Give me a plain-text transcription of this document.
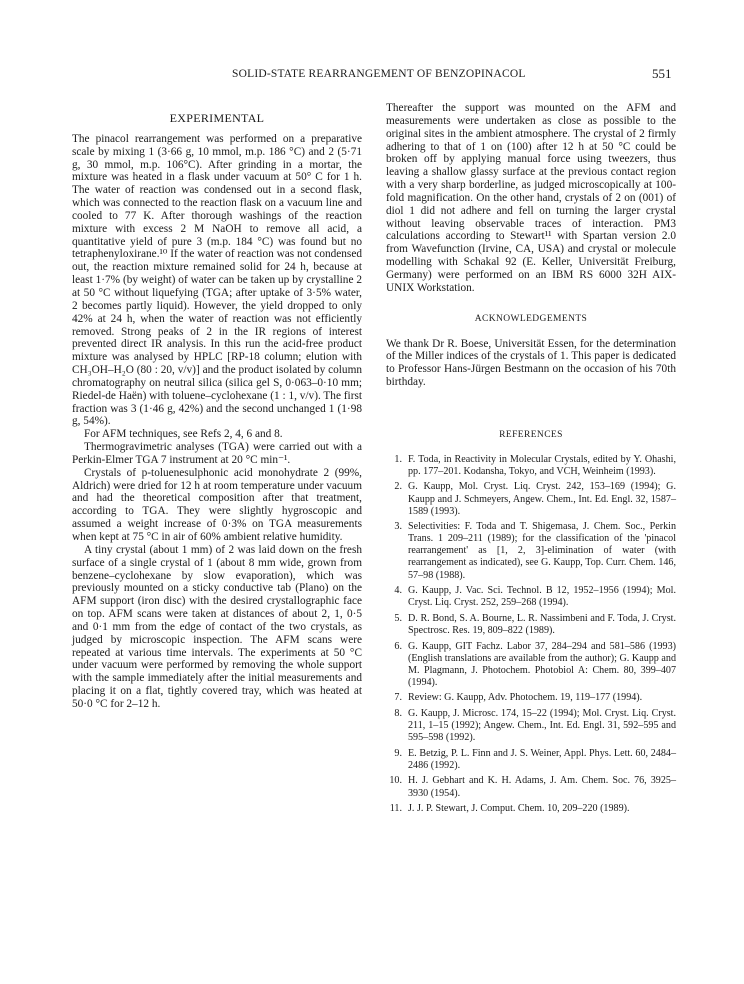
SOLID-STATE REARRANGEMENT OF BENZOPINACOL	551
EXPERIMENTAL

The pinacol rearrangement was performed on a preparative scale by mixing 1 (3·66 g, 10 mmol, m.p. 186 °C) and 2 (5·71 g, 30 mmol, m.p. 106°C). After grinding in a mortar, the mixture was heated in a flask under vacuum at 50° C for 1 h. The water of reaction was condensed out in a second flask, which was connected to the reaction flask on a vacuum line and cooled to 77 K. After thorough washings of the reaction mixture with excess 2 M NaOH to remove all acid, a quantitative yield of pure 3 (m.p. 184 °C) was found but no tetraphenyloxirane.¹⁰ If the water of reaction was not condensed out, the reaction mixture remained solid for 24 h, because at least 1·7% (by weight) of water can be taken up by crystalline 2 at 50 °C without liquefying (TGA; after uptake of 3·5% water, 2 becomes partly liquid). However, the yield dropped to only 42% at 24 h, when the water of reaction was not efficiently removed. Strong peaks of 2 in the IR regions of interest prevented direct IR analysis. In this run the acid-free product mixture was analysed by HPLC [RP-18 column; elution with CH₃OH–H₂O (80 : 20, v/v)] and the product isolated by column chromatography on neutral silica (silica gel S, 0·063–0·10 mm; Riedel-de Haën) with toluene–cyclohexane (1 : 1, v/v). The first fraction was 3 (1·46 g, 42%) and the second unchanged 1 (1·98 g, 54%).

For AFM techniques, see Refs 2, 4, 6 and 8.

Thermogravimetric analyses (TGA) were carried out with a Perkin-Elmer TGA 7 instrument at 20 °C min⁻¹.

Crystals of p-toluenesulphonic acid monohydrate 2 (99%, Aldrich) were dried for 12 h at room temperature under vacuum and had the theoretical composition after that treatment, according to TGA. They were slightly hygroscopic and assumed a weight increase of 0·3% on TGA measurements when kept at 75 °C in air of 60% ambient relative humidity.

A tiny crystal (about 1 mm) of 2 was laid down on the fresh surface of a single crystal of 1 (about 8 mm wide, grown from benzene–cyclohexane by slow evaporation), which was previously mounted on a sticky conductive tab (Plano) on the AFM support (iron disc) with the desired crystallographic face on top. AFM scans were taken at distances of about 2, 1, 0·5 and 0·1 mm from the edge of contact of the two crystals, as judged by microscopic inspection. The AFM scans were repeated at various time intervals. The experiments at 50 °C under vacuum were performed by removing the whole support with the sample immediately after the initial measurements and placing it on a flat, tightly covered tray, which was heated at 50·0 °C for 2–12 h.

Thereafter the support was mounted on the AFM and measurements were undertaken as close as possible to the original sites in the ambient atmosphere. The crystal of 2 firmly adhering to that of 1 on (100) after 12 h at 50 °C could be broken off by applying manual force using tweezers, thus leaving a shallow glassy surface at the previous contact region with a very sharp borderline, as judged microscopically at 100-fold magnification. On the other hand, crystals of 2 on (001) of diol 1 did not adhere and fell on turning the larger crystal without leaving observable traces of interaction. PM3 calculations according to Stewart¹¹ with Spartan version 2.0 from Wavefunction (Irvine, CA, USA) and crystal or molecule modelling with Schakal 92 (E. Keller, Universität Freiburg, Germany) were performed on an IBM RS 6000 32H AIX-UNIX Workstation.

ACKNOWLEDGEMENTS

We thank Dr R. Boese, Universität Essen, for the determination of the Miller indices of the crystals of 1. This paper is dedicated to Professor Hans-Jürgen Bestmann on the occasion of his 70th birthday.

REFERENCES
1. F. Toda, in Reactivity in Molecular Crystals, edited by Y. Ohashi, pp. 177–201. Kodansha, Tokyo, and VCH, Weinheim (1993).
2. G. Kaupp, Mol. Cryst. Liq. Cryst. 242, 153–169 (1994); G. Kaupp and J. Schmeyers, Angew. Chem., Int. Ed. Engl. 32, 1587–1589 (1993).
3. Selectivities: F. Toda and T. Shigemasa, J. Chem. Soc., Perkin Trans. 1 209–211 (1989); for the classification of the 'pinacol rearrangement' as [1, 2, 3]-elimination of water (with rearrangement as indicated), see G. Kaupp, Top. Curr. Chem. 146, 57–98 (1988).
4. G. Kaupp, J. Vac. Sci. Technol. B 12, 1952–1956 (1994); Mol. Cryst. Liq. Cryst. 252, 259–268 (1994).
5. D. R. Bond, S. A. Bourne, L. R. Nassimbeni and F. Toda, J. Cryst. Spectrosc. Res. 19, 809–822 (1989).
6. G. Kaupp, GIT Fachz. Labor 37, 284–294 and 581–586 (1993) (English translations are available from the author); G. Kaupp and M. Plagmann, J. Photochem. Photobiol A: Chem. 80, 399–407 (1994).
7. Review: G. Kaupp, Adv. Photochem. 19, 119–177 (1994).
8. G. Kaupp, J. Microsc. 174, 15–22 (1994); Mol. Cryst. Liq. Cryst. 211, 1–15 (1992); Angew. Chem., Int. Ed. Engl. 31, 592–595 and 595–598 (1992).
9. E. Betzig, P. L. Finn and J. S. Weiner, Appl. Phys. Lett. 60, 2484–2486 (1992).
10. H. J. Gebhart and K. H. Adams, J. Am. Chem. Soc. 76, 3925–3930 (1954).
11. J. J. P. Stewart, J. Comput. Chem. 10, 209–220 (1989).
